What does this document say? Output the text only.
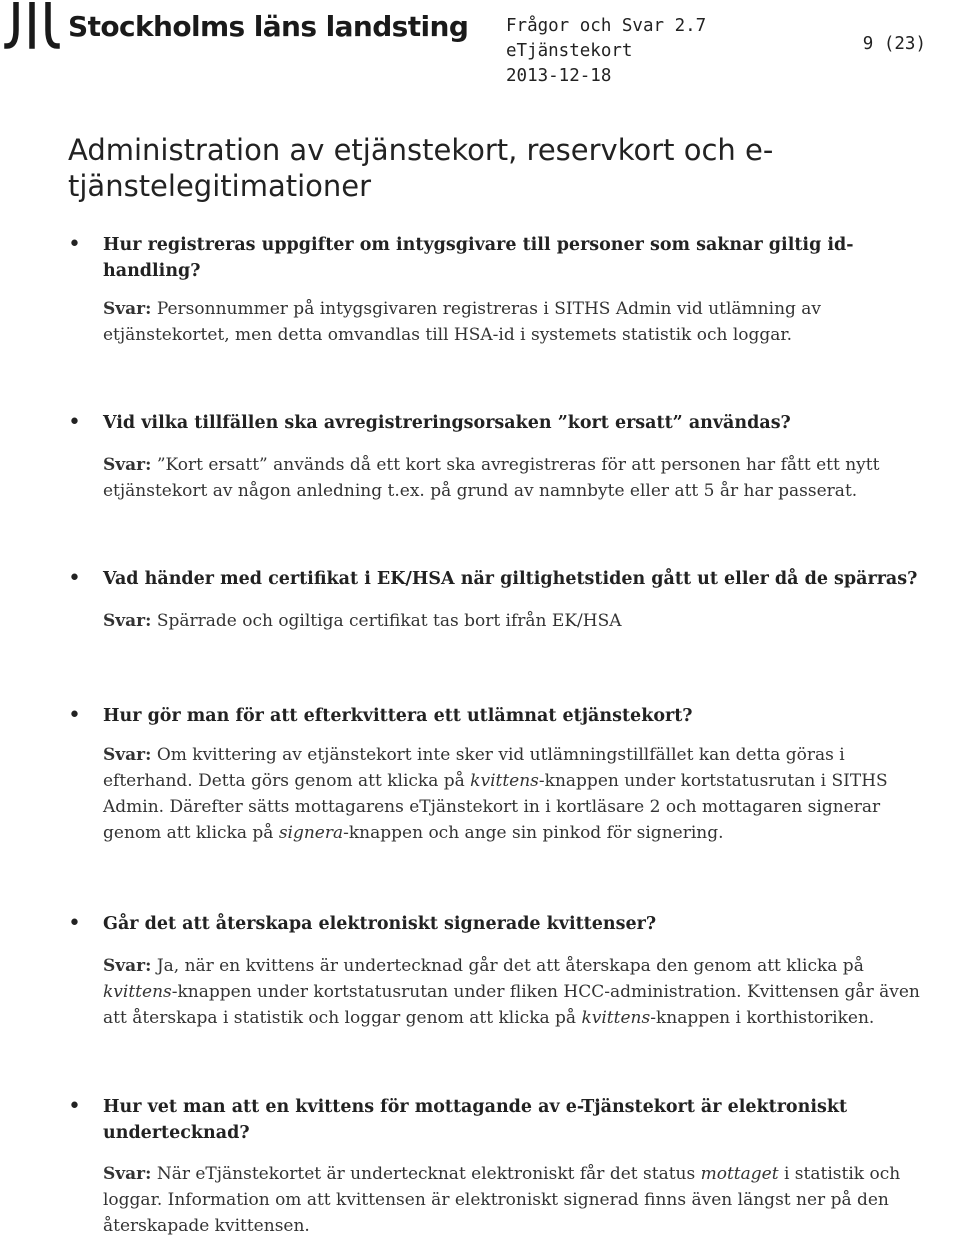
Stockholms läns landsting Frågor och Svar 2.7
eTjänstekort
2013-12-18
9 (23)
Administration av etjänstekort, reservkort och e-tjänstelegitimationer
• Hur registreras uppgifter om intygsgivare till personer som saknar giltig id-handling?

Svar: Personnummer på intygsgivaren registreras i SITHS Admin vid utlämning av etjänstekortet, men detta omvandlas till HSA-id i systemets statistik och loggar.

• Vid vilka tillfällen ska avregistreringsorsaken ”kort ersatt” användas?

Svar: ”Kort ersatt” används då ett kort ska avregistreras för att personen har fått ett nytt etjänstekort av någon anledning t.ex. på grund av namnbyte eller att 5 år har passerat.

• Vad händer med certifikat i EK/HSA när giltighetstiden gått ut eller då de spärras?

Svar: Spärrade och ogiltiga certifikat tas bort ifrån EK/HSA

• Hur gör man för att efterkvittera ett utlämnat etjänstekort?

Svar: Om kvittering av etjänstekort inte sker vid utlämningstillfället kan detta göras i efterhand. Detta görs genom att klicka på kvittens-knappen under kortstatusrutan i SITHS Admin. Därefter sätts mottagarens eTjänstekort in i kortläsare 2 och mottagaren signerar genom att klicka på signera-knappen och ange sin pinkod för signering.

• Går det att återskapa elektroniskt signerade kvittenser?

Svar: Ja, när en kvittens är undertecknad går det att återskapa den genom att klicka på kvittens-knappen under kortstatusrutan under fliken HCC-administration. Kvittensen går även att återskapa i statistik och loggar genom att klicka på kvittens-knappen i korthistoriken.

• Hur vet man att en kvittens för mottagande av e-Tjänstekort är elektroniskt undertecknad?

Svar: När eTjänstekortet är undertecknat elektroniskt får det status mottaget i statistik och loggar. Information om att kvittensen är elektroniskt signerad finns även längst ner på den återskapade kvittensen.
